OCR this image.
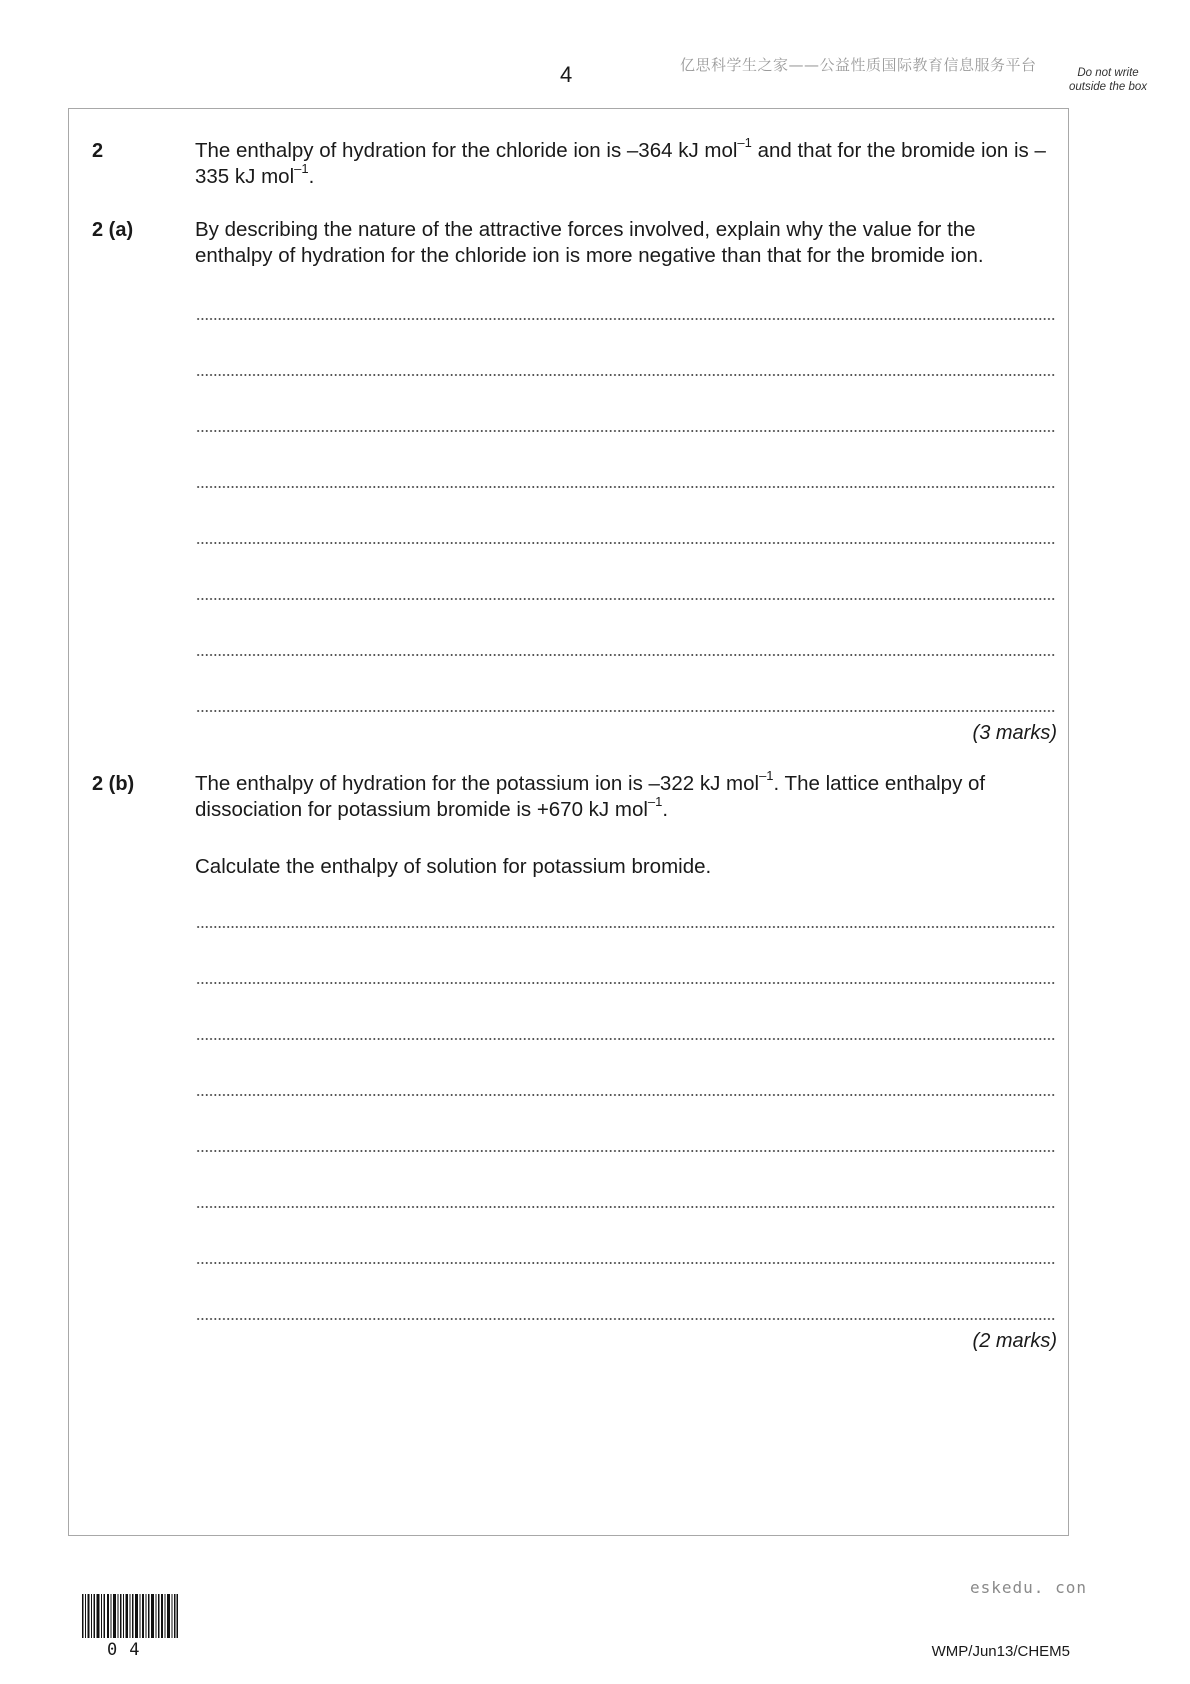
4	亿思科学生之家——公益性质国际教育信息服务平台	Do not write outside the box
2	The enthalpy of hydration for the chloride ion is –364 kJ mol$^{-1}$ and that for the bromide ion is –335 kJ mol$^{-1}$.
2 (a)	By describing the nature of the attractive forces involved, explain why the value for the enthalpy of hydration for the chloride ion is more negative than that for the bromide ion.
(3 marks)
2 (b)	The enthalpy of hydration for the potassium ion is –322 kJ mol$^{-1}$. The lattice enthalpy of dissociation for potassium bromide is +670 kJ mol$^{-1}$.
Calculate the enthalpy of solution for potassium bromide.
(2 marks)
eskedu. con
04	WMP/Jun13/CHEM5
